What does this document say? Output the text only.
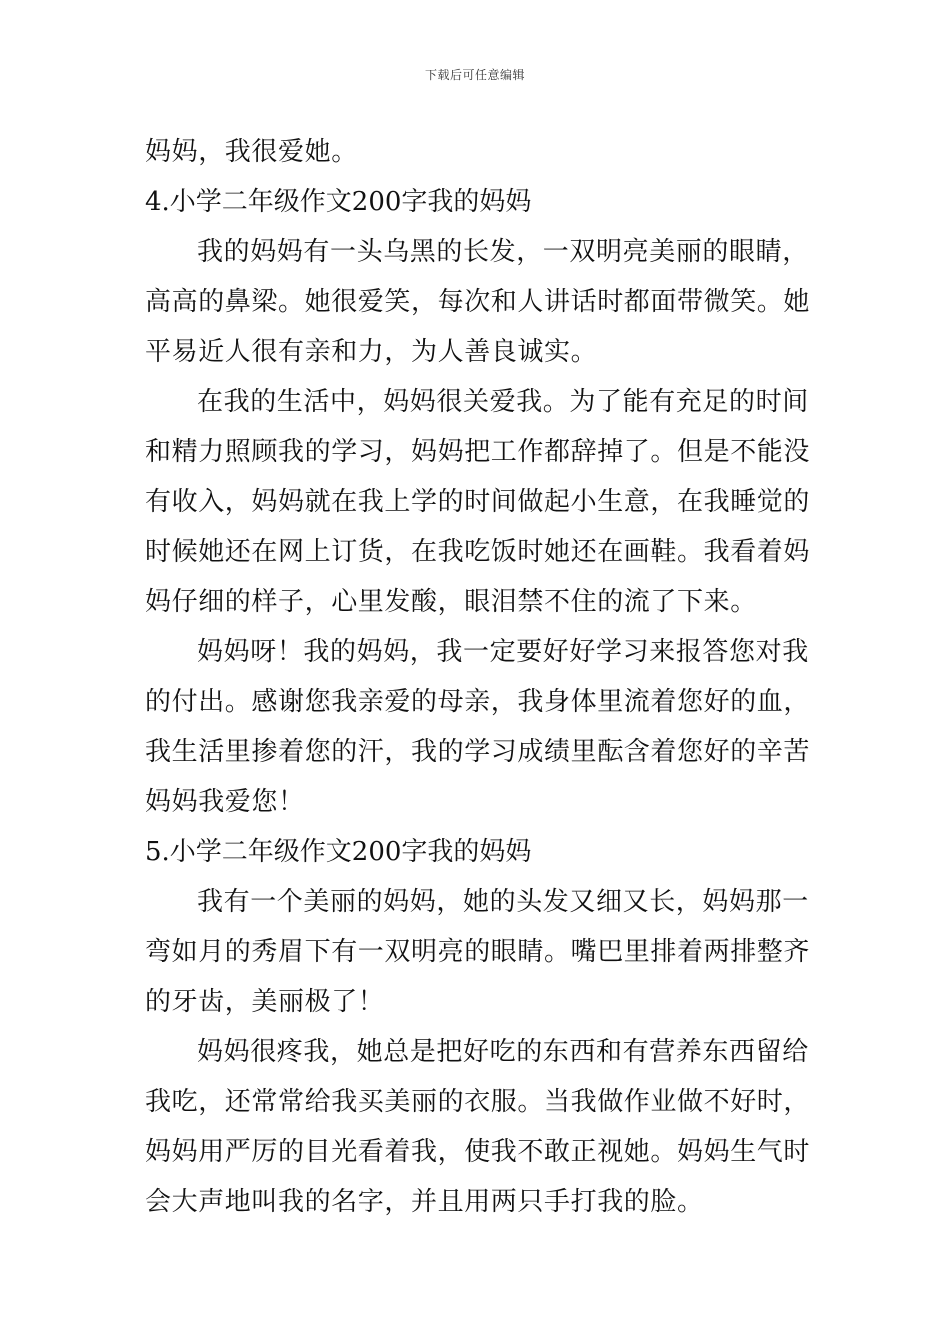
下载后可任意编辑
妈妈，我很爱她。
4.小学二年级作文200字我的妈妈
我的妈妈有一头乌黑的长发，一双明亮美丽的眼睛，
高高的鼻梁。她很爱笑，每次和人讲话时都面带微笑。她
平易近人很有亲和力，为人善良诚实。
在我的生活中，妈妈很关爱我。为了能有充足的时间
和精力照顾我的学习，妈妈把工作都辞掉了。但是不能没
有收入，妈妈就在我上学的时间做起小生意，在我睡觉的
时候她还在网上订货，在我吃饭时她还在画鞋。我看着妈
妈仔细的样子，心里发酸，眼泪禁不住的流了下来。
妈妈呀！我的妈妈，我一定要好好学习来报答您对我
的付出。感谢您我亲爱的母亲，我身体里流着您好的血，
我生活里掺着您的汗，我的学习成绩里酝含着您好的辛苦
妈妈我爱您！
5.小学二年级作文200字我的妈妈
我有一个美丽的妈妈，她的头发又细又长，妈妈那一
弯如月的秀眉下有一双明亮的眼睛。嘴巴里排着两排整齐
的牙齿，美丽极了！
妈妈很疼我，她总是把好吃的东西和有营养东西留给
我吃，还常常给我买美丽的衣服。当我做作业做不好时，
妈妈用严厉的目光看着我，使我不敢正视她。妈妈生气时
会大声地叫我的名字，并且用两只手打我的脸。
